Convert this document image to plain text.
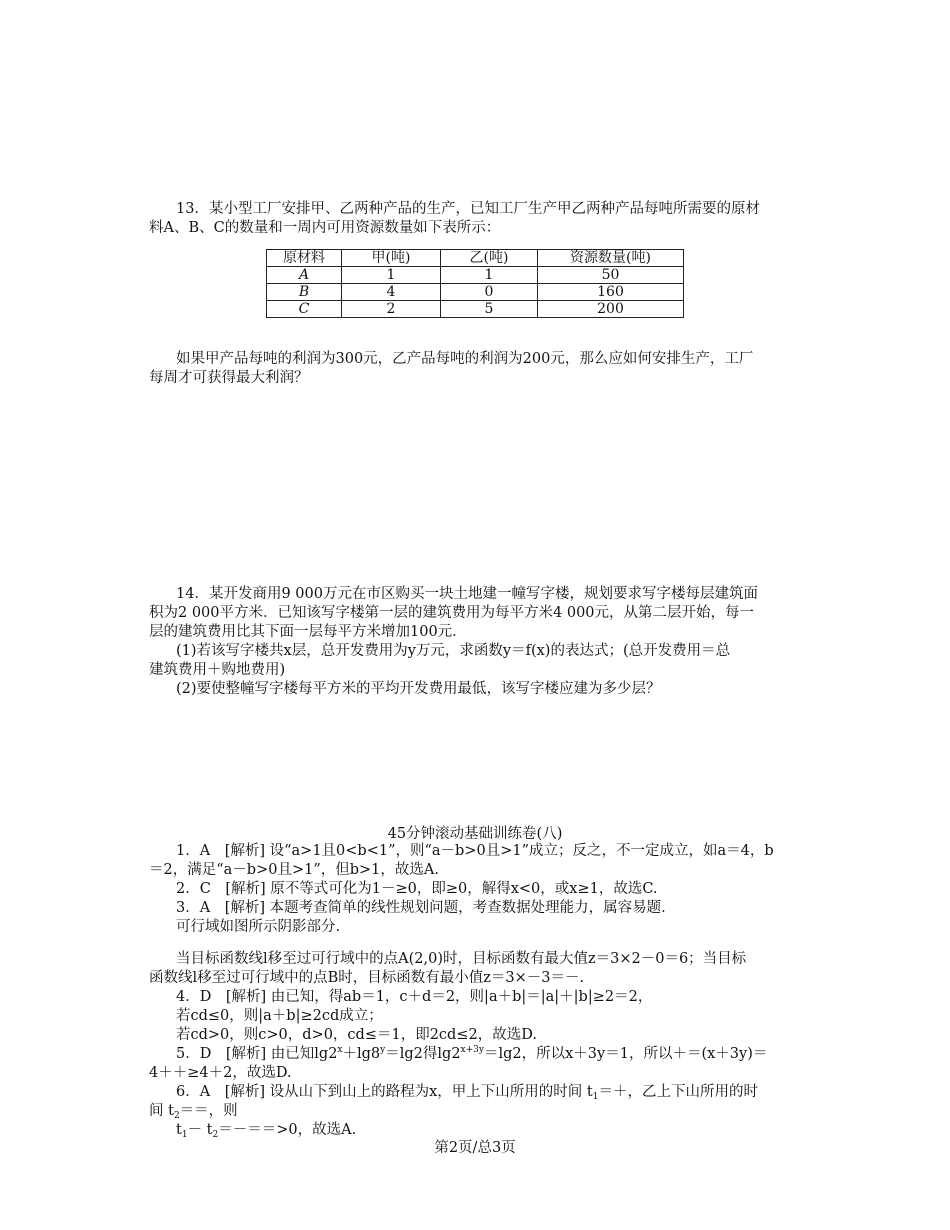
13．某小型工厂安排甲、乙两种产品的生产，已知工厂生产甲乙两种产品每吨所需要的原材
料A、B、C的数量和一周内可用资源数量如下表所示：
原材料	甲(吨)	乙(吨)	资源数量(吨)
A	1	1	50
B	4	0	160
C	2	5	200
如果甲产品每吨的利润为300元，乙产品每吨的利润为200元，那么应如何安排生产，工厂
每周才可获得最大利润？
14．某开发商用9 000万元在市区购买一块土地建一幢写字楼，规划要求写字楼每层建筑面
积为2 000平方米．已知该写字楼第一层的建筑费用为每平方米4 000元，从第二层开始，每一
层的建筑费用比其下面一层每平方米增加100元．
(1)若该写字楼共x层，总开发费用为y万元，求函数y＝f(x)的表达式；(总开发费用＝总
建筑费用＋购地费用)
(2)要使整幢写字楼每平方米的平均开发费用最低，该写字楼应建为多少层？
45分钟滚动基础训练卷(八)
1．A　[解析] 设“a>1且0<b<1”，则“a－b>0且>1”成立；反之，不一定成立，如a＝4，b
＝2，满足“a－b>0且>1”，但b>1，故选A.
2．C　[解析] 原不等式可化为1－≥0，即≥0，解得x<0，或x≥1，故选C.
3．A　[解析] 本题考查简单的线性规划问题，考查数据处理能力，属容易题．
可行域如图所示阴影部分.
当目标函数线l移至过可行域中的点A(2,0)时，目标函数有最大值z＝3×2－0＝6；当目标
函数线l移至过可行域中的点B时，目标函数有最小值z＝3×－3＝－.
4．D　[解析] 由已知，得ab＝1，c＋d＝2，则|a＋b|＝|a|＋|b|≥2＝2，
若cd≤0，则|a＋b|≥2cd成立；
若cd>0，则c>0，d>0，cd≤＝1，即2cd≤2，故选D.
5．D　[解析] 由已知$\lg 2^x+\lg 8^y=\lg 2$得$\lg 2^{x+3y}=\lg 2$，所以x＋3y＝1，所以＋＝(x＋3y)＝
4＋＋≥4＋2，故选D.
6．A　[解析] 设从山下到山上的路程为x，甲上下山所用的时间 $t_1=+$，乙上下山所用的时
间 $t_2==$，则
$t_1- t_2=-==>0$，故选A.
第2页/总3页
